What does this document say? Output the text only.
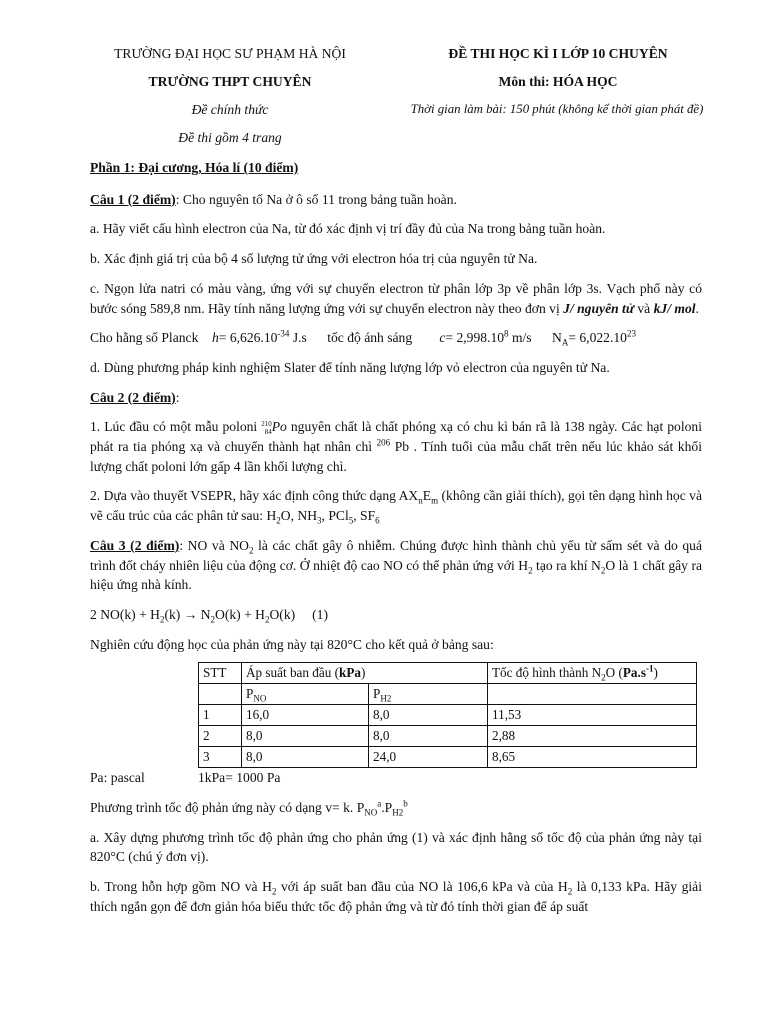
TRƯỜNG ĐẠI HỌC SƯ PHẠM HÀ NỘI	ĐỀ THI HỌC KÌ I LỚP 10 CHUYÊN
TRƯỜNG THPT CHUYÊN	Môn thi: HÓA HỌC
Đề chính thức	Thời gian làm bài: 150 phút (không kể thời gian phát đề)
Đề thi gồm 4 trang

Phần 1: Đại cương, Hóa lí (10 điểm)

Câu 1 (2 điểm): Cho nguyên tố Na ở ô số 11 trong bảng tuần hoàn.

a. Hãy viết cấu hình electron của Na, từ đó xác định vị trí đầy đủ của Na trong bảng tuần hoàn.

b. Xác định giá trị của bộ 4 số lượng tử ứng với electron hóa trị của nguyên tử Na.

c. Ngọn lửa natri có màu vàng, ứng với sự chuyển electron từ phân lớp 3p về phân lớp 3s. Vạch phổ này có bước sóng 589,8 nm. Hãy tính năng lượng ứng với sự chuyển electron này theo đơn vị J/ nguyên tử và kJ/ mol.

Cho hằng số Planck $h= 6,626.10^{-34}$ J.s tốc độ ánh sáng $c= 2,998.10^8$ m/s $N_A= 6,022.10^{23}$

d. Dùng phương pháp kinh nghiệm Slater để tính năng lượng lớp vỏ electron của nguyên tử Na.

Câu 2 (2 điểm):

1. Lúc đầu có một mẫu poloni 210
84Po nguyên chất là chất phóng xạ có chu kì bán rã là 138 ngày. Các hạt poloni phát ra tia phóng xạ và chuyển thành hạt nhân chì $^{206}$ Pb . Tính tuổi của mẫu chất trên nếu lúc khảo sát khối lượng chất poloni lớn gấp 4 lần khối lượng chì.

2. Dựa vào thuyết VSEPR, hãy xác định công thức dạng $AX_nE_m$ (không cần giải thích), gọi tên dạng hình học và vẽ cấu trúc của các phân tử sau: $H_2O$, $NH_3$, PCl$_5$, $SF_6$

Câu 3 (2 điểm): NO và $NO_2$ là các chất gây ô nhiễm. Chúng được hình thành chủ yếu từ sấm sét và do quá trình đốt cháy nhiên liệu của động cơ. Ở nhiệt độ cao NO có thể phản ứng với $H_2$ tạo ra khí $N_2O$ là 1 chất gây ra hiệu ứng nhà kính.

2 $NO(k) + H_2(k) \to N_2O(k) + H_2O(k)$ (1)

Nghiên cứu động học của phản ứng này tại 820°C cho kết quả ở bảng sau:

STT	Áp suất ban đầu (kPa)		Tốc độ hình thành $N_2O$ $(Pa.s^{-1})$
	$P_{NO}$	$P_{H2}$	
1	16,0	8,0	11,53
2	8,0	8,0	2,88
3	8,0	24,0	8,65

Pa: pascal	1kPa= 1000 Pa

Phương trình tốc độ phản ứng này có dạng v= k. $P_{NO}^a.P_{H2}^b$

a. Xây dựng phương trình tốc độ phản ứng cho phản ứng (1) và xác định hằng số tốc độ của phản ứng này tại 820°C (chú ý đơn vị).

b. Trong hỗn hợp gồm NO và $H_2$ với áp suất ban đầu của NO là 106,6 kPa và của $H_2$ là 0,133 kPa. Hãy giải thích ngắn gọn để đơn giản hóa biểu thức tốc độ phản ứng và từ đó tính thời gian để áp suất
